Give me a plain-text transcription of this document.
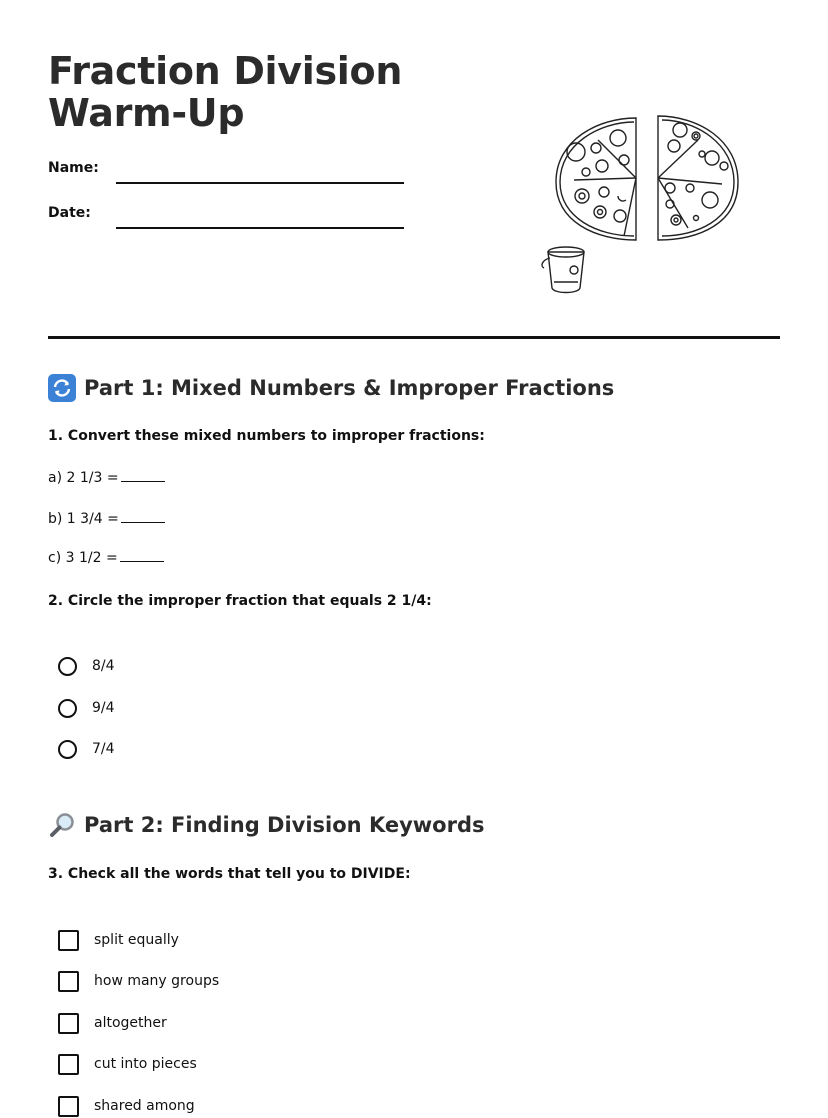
Fraction Division Warm-Up
Name:
Date:
Part 1: Mixed Numbers & Improper Fractions

1. Convert these mixed numbers to improper fractions:

a) 2 1/3 =
b) 1 3/4 =
c) 3 1/2 =

2. Circle the improper fraction that equals 2 1/4:

8/4
9/4
7/4
Part 2: Finding Division Keywords

3. Check all the words that tell you to DIVIDE:

split equally
how many groups
altogether
cut into pieces
shared among
